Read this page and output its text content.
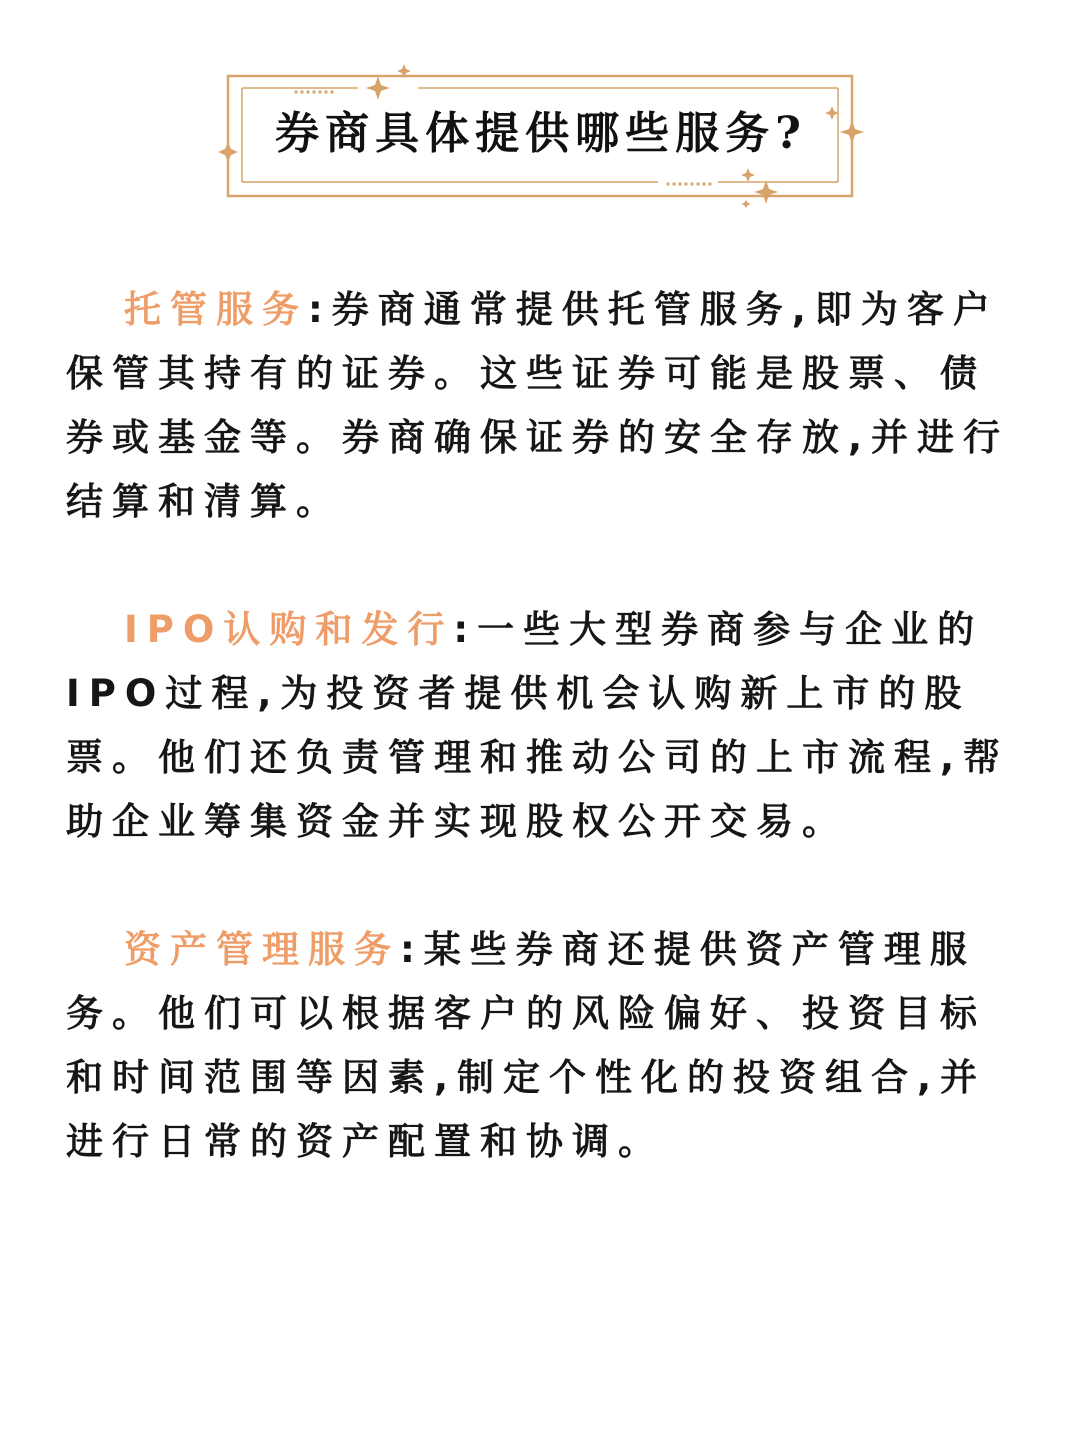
券商具体提供哪些服务?

托管服务:券商通常提供托管服务,即为客户保管其持有的证券。这些证券可能是股票、债券或基金等。券商确保证券的安全存放,并进行结算和清算。

IPO认购和发行:一些大型券商参与企业的IPO过程,为投资者提供机会认购新上市的股票。他们还负责管理和推动公司的上市流程,帮助企业筹集资金并实现股权公开交易。

资产管理服务:某些券商还提供资产管理服务。他们可以根据客户的风险偏好、投资目标和时间范围等因素,制定个性化的投资组合,并进行日常的资产配置和协调。
